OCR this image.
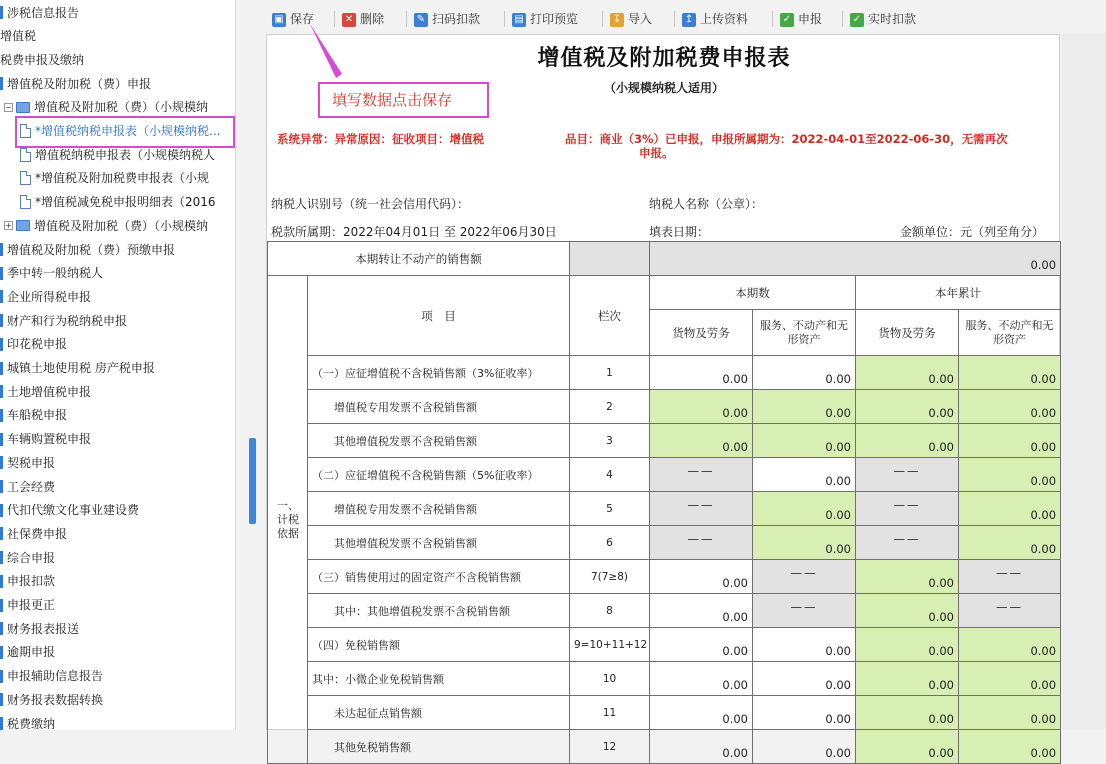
涉税信息报告
增值税
税费申报及缴纳
增值税及附加税（费）申报
− 增值税及附加税（费）（小规模纳
*增值税纳税申报表（小规模纳税...
增值税纳税申报表（小规模纳税人
*增值税及附加税费申报表（小规
*增值税减免税申报明细表（2016
+ 增值税及附加税（费）（小规模纳
增值税及附加税（费）预缴申报
季中转一般纳税人
企业所得税申报
财产和行为税纳税申报
印花税申报
城镇土地使用税 房产税申报
土地增值税申报
车船税申报
车辆购置税申报
契税申报
工会经费
代扣代缴文化事业建设费
社保费申报
综合申报
申报扣款
申报更正
财务报表报送
逾期申报
申报辅助信息报告
财务报表数据转换
税费缴纳
▣ 保存	✕ 删除	✎ 扫码扣款	▤ 打印预览	↧ 导入	↥ 上传资料	✓ 申报	✓ 实时扣款
增值税及附加税费申报表
（小规模纳税人适用）
系统异常：异常原因：征收项目：增值税	品目：商业（3%）已申报，申报所属期为：2022-04-01至2022-06-30，无需再次
申报。
纳税人识别号（统一社会信用代码）：	纳税人名称（公章）：
税款所属期：2022年04月01日 至 2022年06月30日	填表日期：	金额单位：元（列至角分）
本期转让不动产的销售额			0.00			

一、计税依据	项　目	栏次	本期数		本年累计	
			货物及劳务	服务、不动产和无形资产	货物及劳务	服务、不动产和无形资产
	（一）应征增值税不含税销售额（3%征收率）	1	0.00	0.00	0.00	0.00
	增值税专用发票不含税销售额	2	0.00	0.00	0.00	0.00
	其他增值税发票不含税销售额	3	0.00	0.00	0.00	0.00
	（二）应征增值税不含税销售额（5%征收率）	4	——	0.00	——	0.00
	增值税专用发票不含税销售额	5	——	0.00	——	0.00
	其他增值税发票不含税销售额	6	——	0.00	——	0.00
	（三）销售使用过的固定资产不含税销售额	7(7≥8)	0.00	——	0.00	——
	其中：其他增值税发票不含税销售额	8	0.00	——	0.00	——
	（四）免税销售额	9=10+11+12	0.00	0.00	0.00	0.00
	其中：小微企业免税销售额	10	0.00	0.00	0.00	0.00
	未达起征点销售额	11	0.00	0.00	0.00	0.00
	其他免税销售额	12	0.00	0.00	0.00	0.00
填写数据点击保存
